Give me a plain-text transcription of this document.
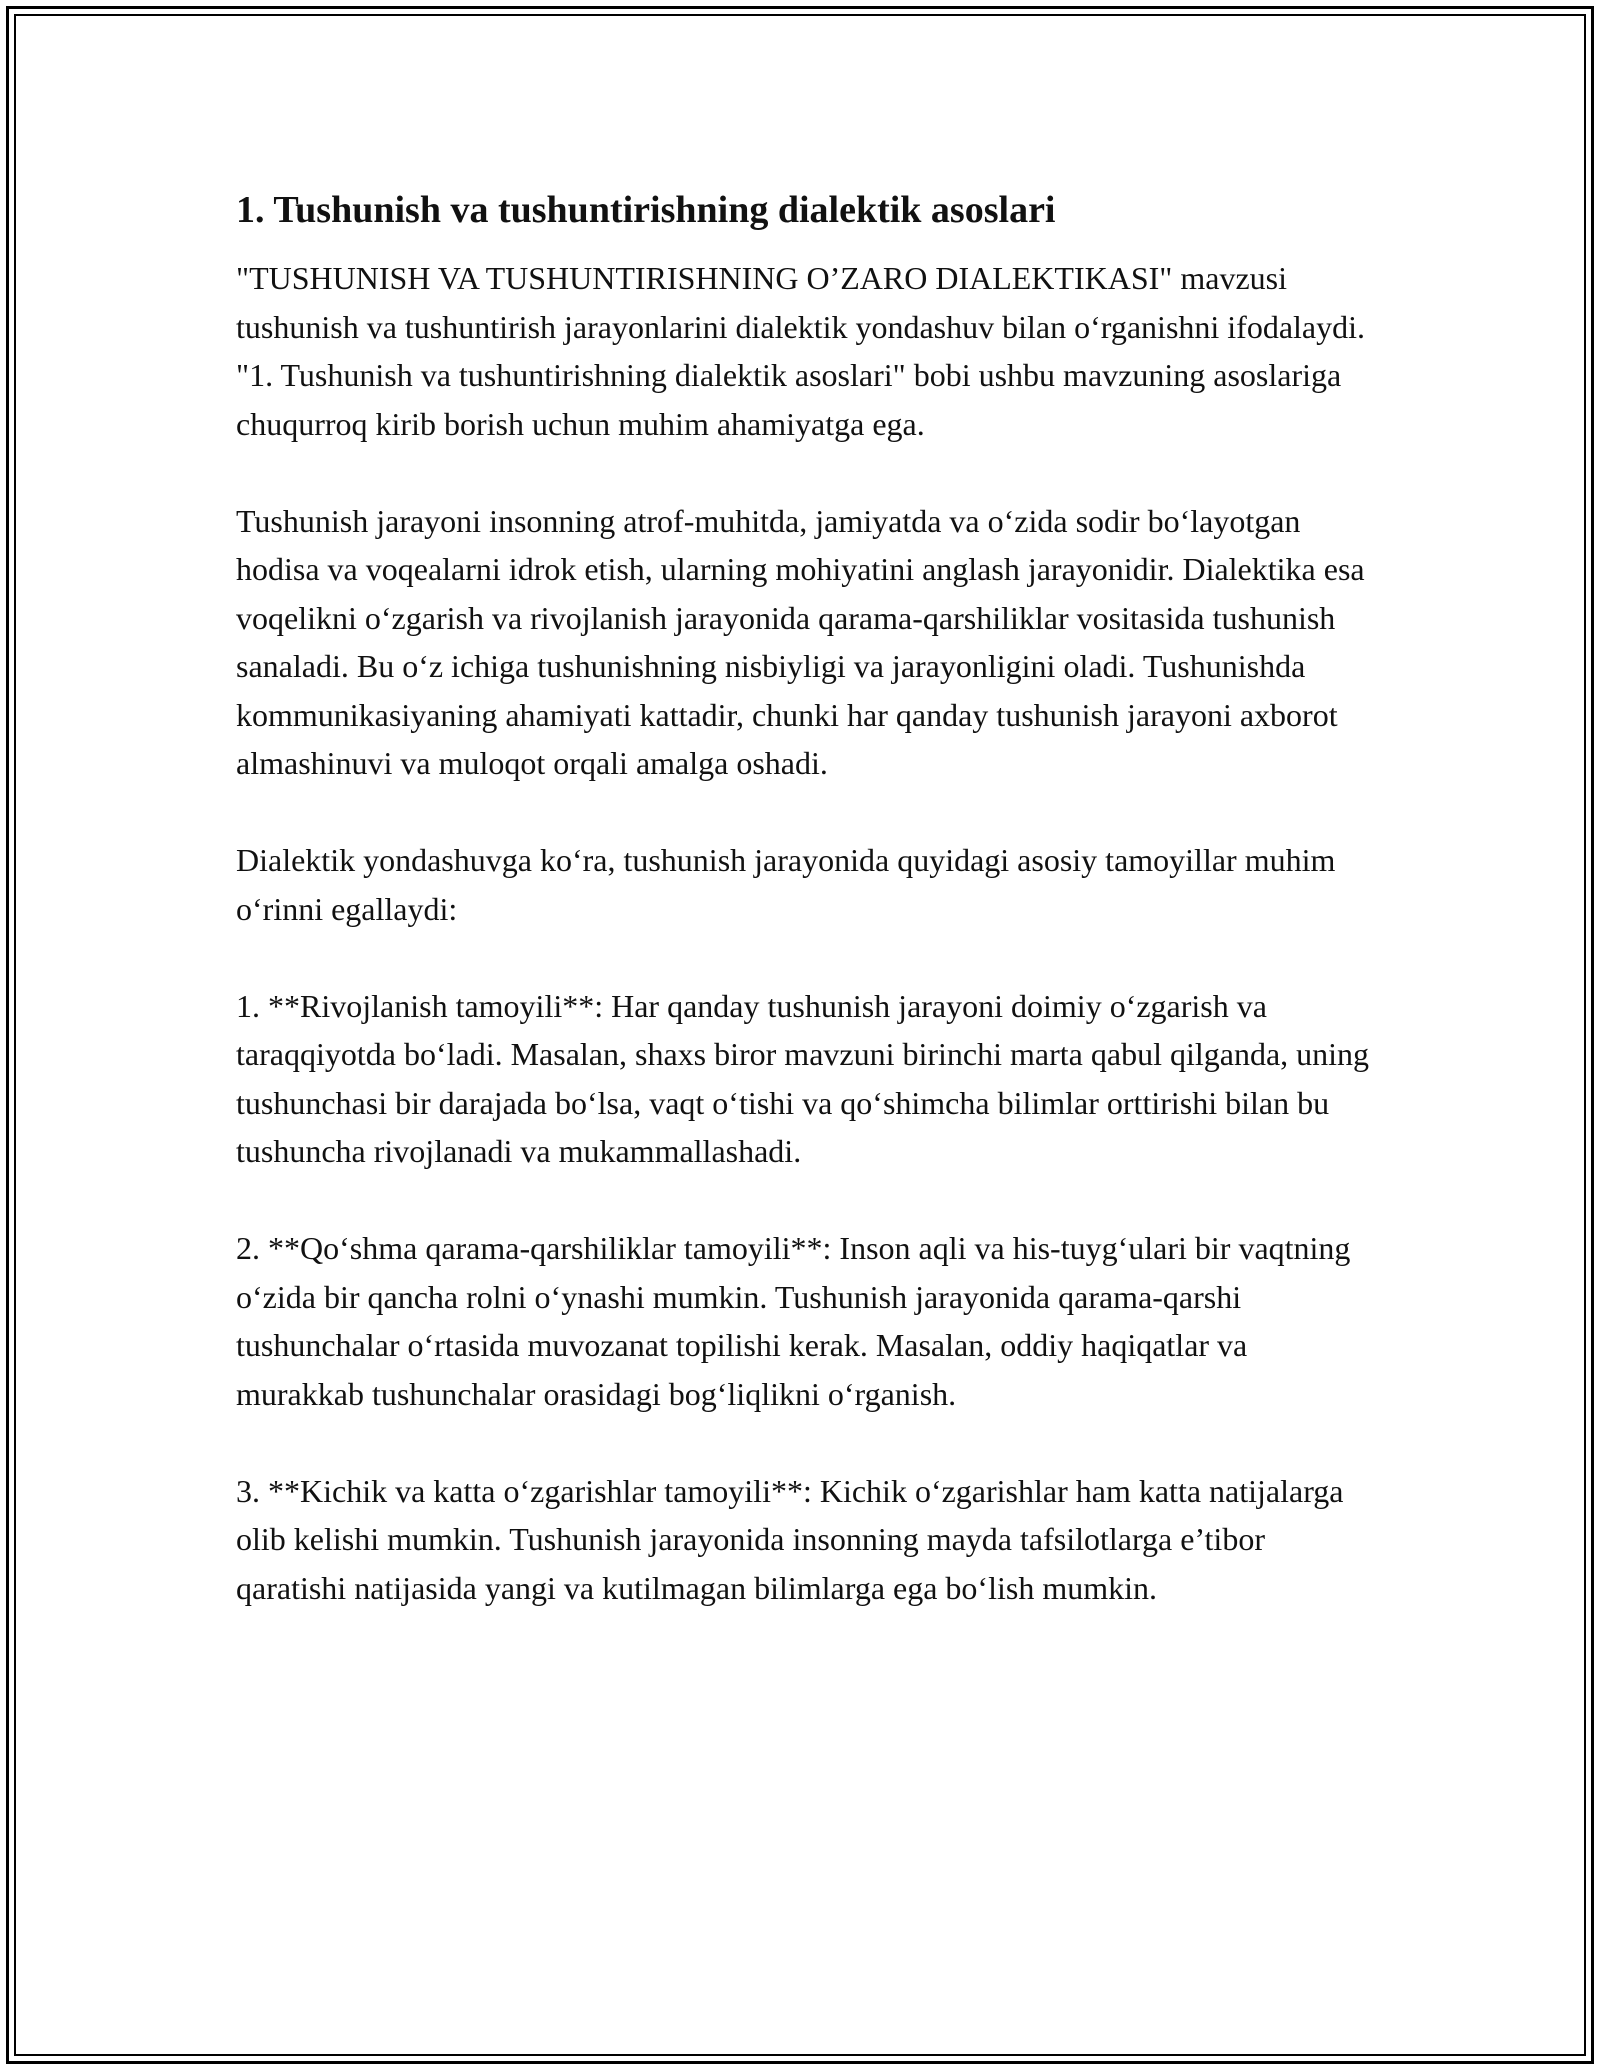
1. Tushunish va tushuntirishning dialektik asoslari

"TUSHUNISH VA TUSHUNTIRISHNING O’ZARO DIALEKTIKASI" mavzusi tushunish va tushuntirish jarayonlarini dialektik yondashuv bilan o‘rganishni ifodalaydi. "1. Tushunish va tushuntirishning dialektik asoslari" bobi ushbu mavzuning asoslariga chuqurroq kirib borish uchun muhim ahamiyatga ega.

Tushunish jarayoni insonning atrof-muhitda, jamiyatda va o‘zida sodir bo‘layotgan hodisa va voqealarni idrok etish, ularning mohiyatini anglash jarayonidir. Dialektika esa voqelikni o‘zgarish va rivojlanish jarayonida qarama-qarshiliklar vositasida tushunish sanaladi. Bu o‘z ichiga tushunishning nisbiyligi va jarayonligini oladi. Tushunishda kommunikasiyaning ahamiyati kattadir, chunki har qanday tushunish jarayoni axborot almashinuvi va muloqot orqali amalga oshadi.

Dialektik yondashuvga ko‘ra, tushunish jarayonida quyidagi asosiy tamoyillar muhim o‘rinni egallaydi:

1. **Rivojlanish tamoyili**: Har qanday tushunish jarayoni doimiy o‘zgarish va taraqqiyotda bo‘ladi. Masalan, shaxs biror mavzuni birinchi marta qabul qilganda, uning tushunchasi bir darajada bo‘lsa, vaqt o‘tishi va qo‘shimcha bilimlar orttirishi bilan bu tushuncha rivojlanadi va mukammallashadi.

2. **Qo‘shma qarama-qarshiliklar tamoyili**: Inson aqli va his-tuyg‘ulari bir vaqtning o‘zida bir qancha rolni o‘ynashi mumkin. Tushunish jarayonida qarama-qarshi tushunchalar o‘rtasida muvozanat topilishi kerak. Masalan, oddiy haqiqatlar va murakkab tushunchalar orasidagi bog‘liqlikni o‘rganish.

3. **Kichik va katta o‘zgarishlar tamoyili**: Kichik o‘zgarishlar ham katta natijalarga olib kelishi mumkin. Tushunish jarayonida insonning mayda tafsilotlarga e’tibor qaratishi natijasida yangi va kutilmagan bilimlarga ega bo‘lish mumkin.
